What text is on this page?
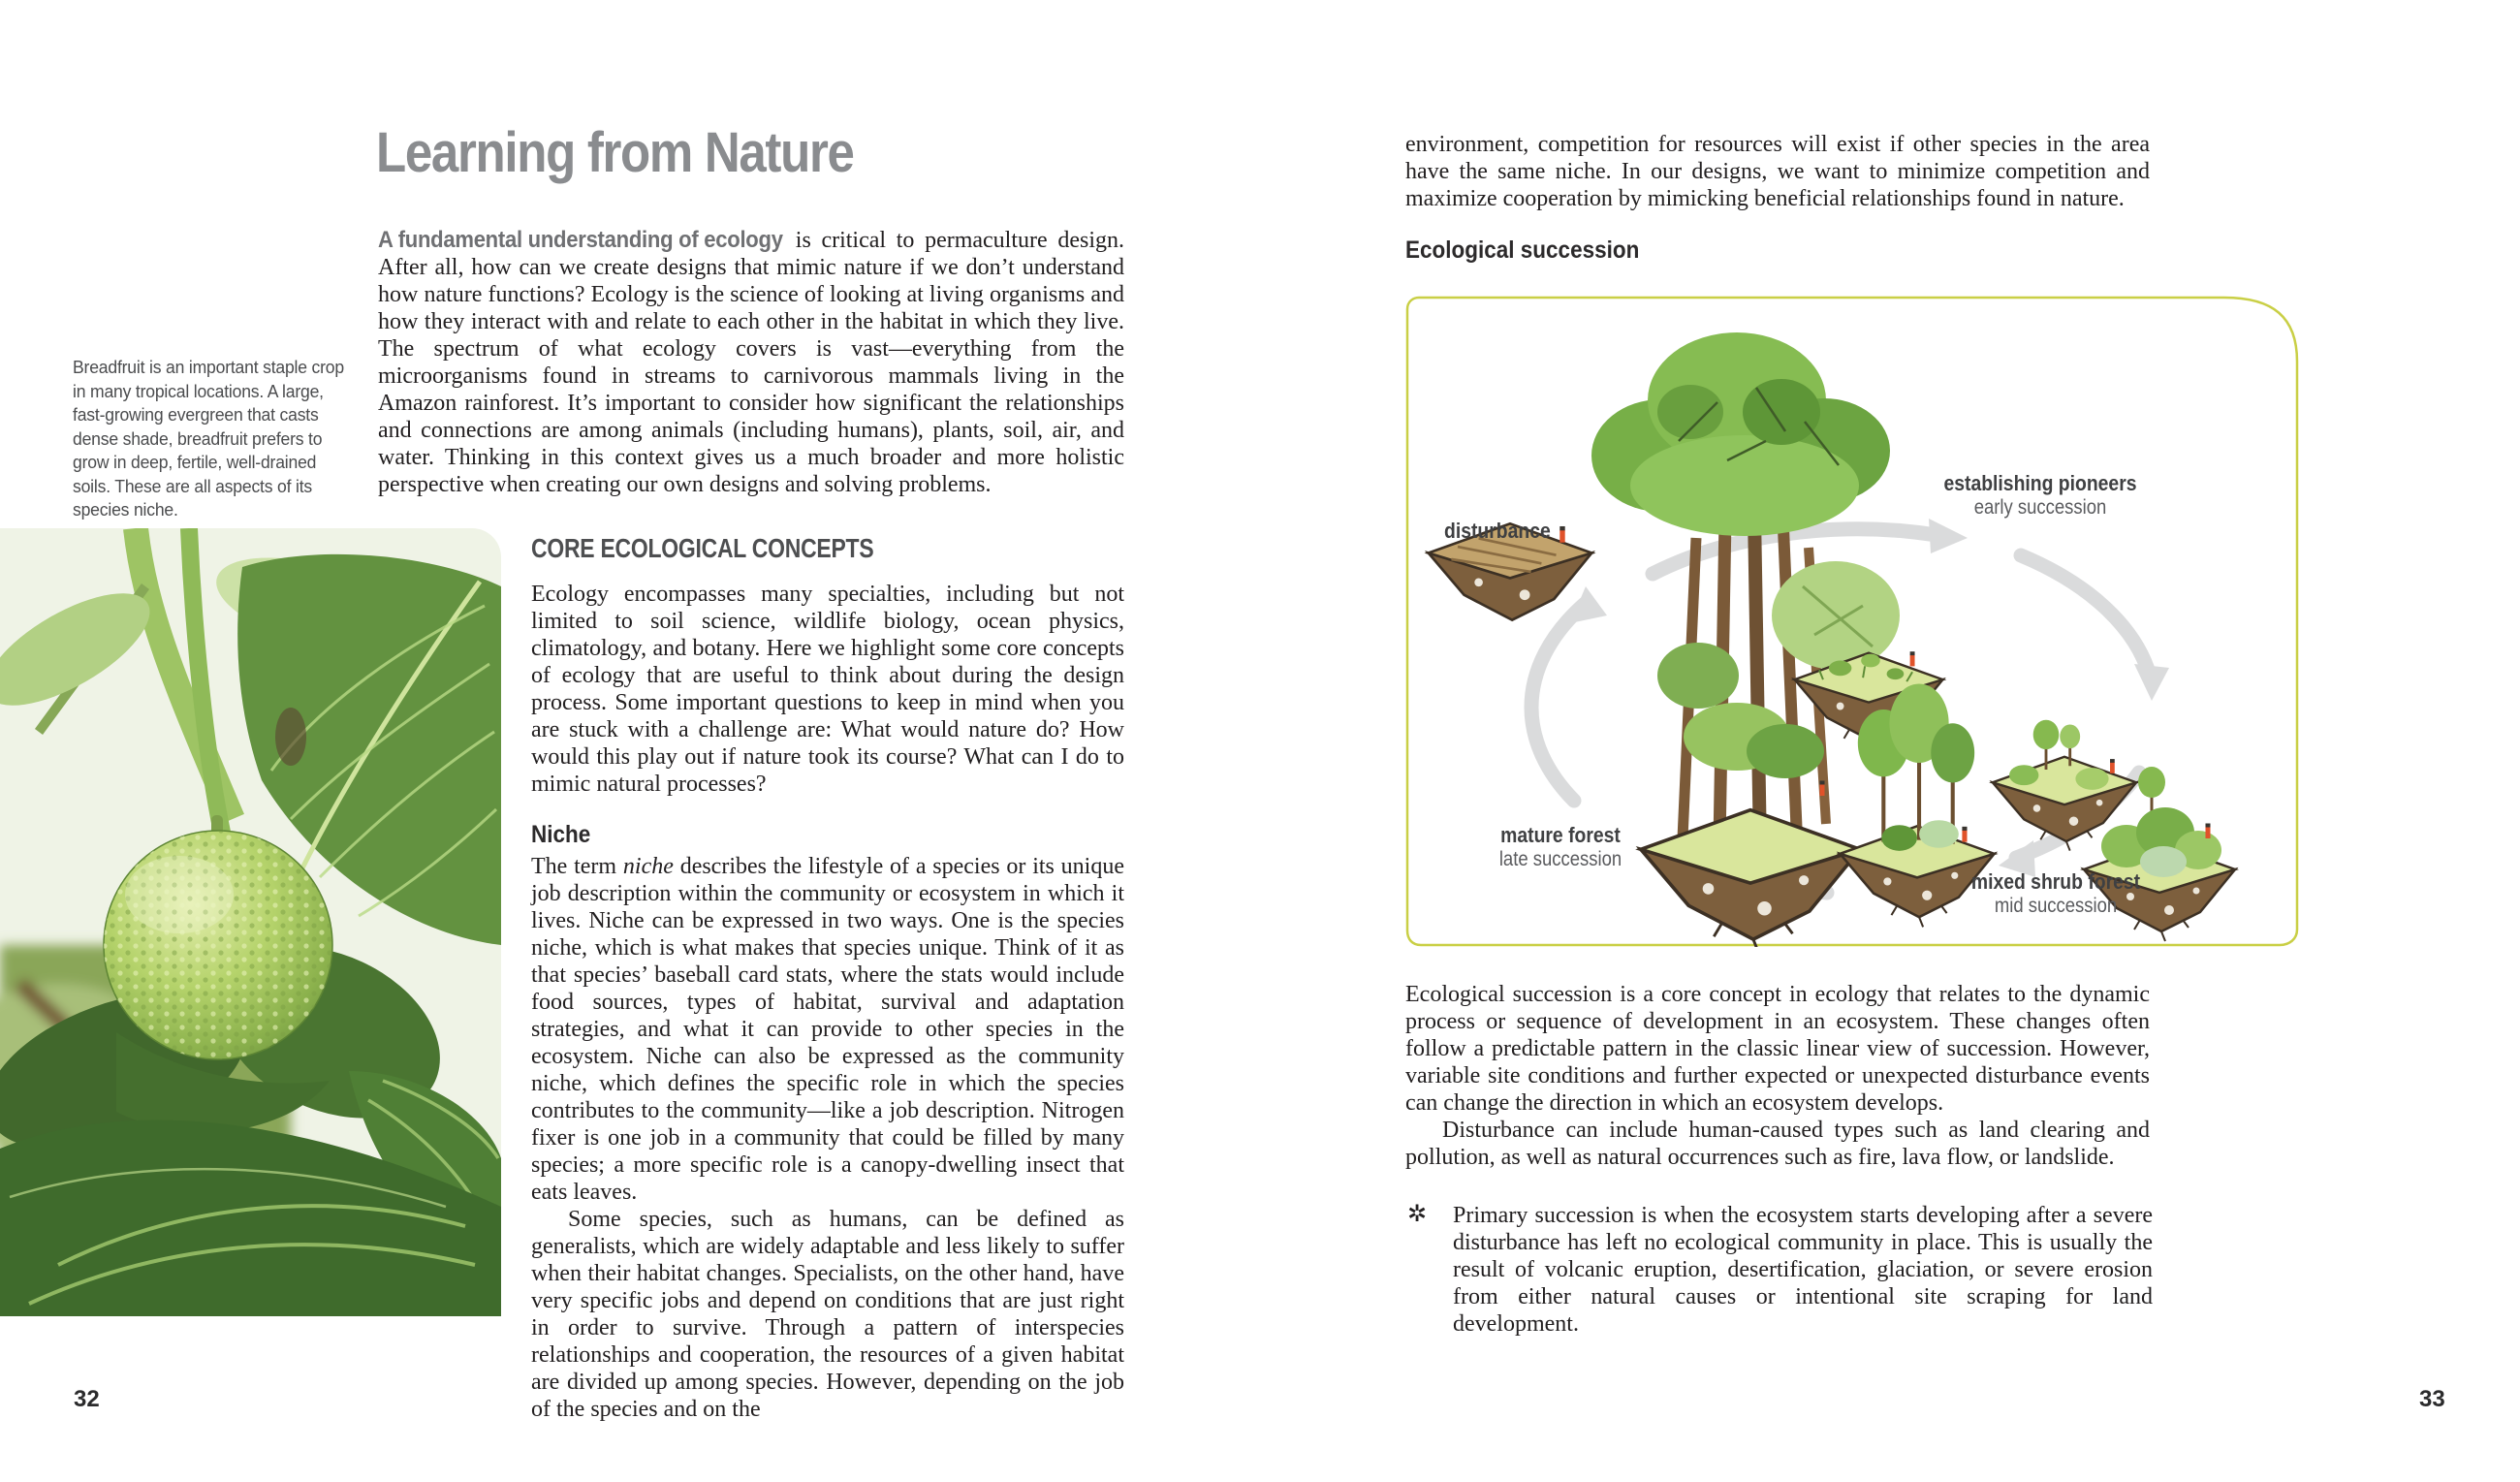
Breadfruit is an important staple crop in many tropical locations. A large, fast-growing evergreen that casts dense shade, breadfruit prefers to grow in deep, fertile, well-drained soils. These are all aspects of its species niche.
Learning from Nature

A fundamental understanding of ecology is critical to permaculture design. After all, how can we create designs that mimic nature if we don’t understand how nature functions? Ecology is the science of looking at living organisms and how they interact with and relate to each other in the habitat in which they live. The spectrum of what ecology covers is vast—everything from the microorganisms found in streams to carnivorous mammals living in the Amazon rainforest. It’s important to consider how significant the relationships and connections are among animals (including humans), plants, soil, air, and water. Thinking in this context gives us a much broader and more holistic perspective when creating our own designs and solving problems.

CORE ECOLOGICAL CONCEPTS

Ecology encompasses many specialties, including but not limited to soil science, wildlife biology, ocean physics, climatology, and botany. Here we highlight some core concepts of ecology that are useful to think about during the design process. Some important questions to keep in mind when you are stuck with a challenge are: What would nature do? How would this play out if nature took its course? What can I do to mimic natural processes?

Niche

The term niche describes the lifestyle of a species or its unique job description within the community or ecosystem in which it lives. Niche can be expressed in two ways. One is the species niche, which is what makes that species unique. Think of it as that species’ baseball card stats, where the stats would include food sources, types of habitat, survival and adaptation strategies, and what it can provide to other species in the ecosystem. Niche can also be expressed as the community niche, which defines the specific role in which the species contributes to the community—like a job description. Nitrogen fixer is one job in a community that could be filled by many species; a more specific role is a canopy-dwelling insect that eats leaves.

Some species, such as humans, can be defined as generalists, which are widely adaptable and less likely to suffer when their habitat changes. Specialists, on the other hand, have very specific jobs and depend on conditions that are just right in order to survive. Through a pattern of interspecies relationships and cooperation, the resources of a given habitat are divided up among species. However, depending on the job of the species and on the

32

environment, competition for resources will exist if other species in the area have the same niche. In our designs, we want to minimize competition and maximize cooperation by mimicking beneficial relationships found in nature.

Ecological succession
disturbance
establishing pioneers
early succession
mature forest
late succession
mixed shrub forest
mid succession

Ecological succession is a core concept in ecology that relates to the dynamic process or sequence of development in an ecosystem. These changes often follow a predictable pattern in the classic linear view of succession. However, variable site conditions and further expected or unexpected disturbance events can change the direction in which an ecosystem develops.

Disturbance can include human-caused types such as land clearing and pollution, as well as natural occurrences such as fire, lava flow, or landslide.

✲ Primary succession is when the ecosystem starts developing after a severe disturbance has left no ecological community in place. This is usually the result of volcanic eruption, desertification, glaciation, or severe erosion from either natural causes or intentional site scraping for land development.

33
